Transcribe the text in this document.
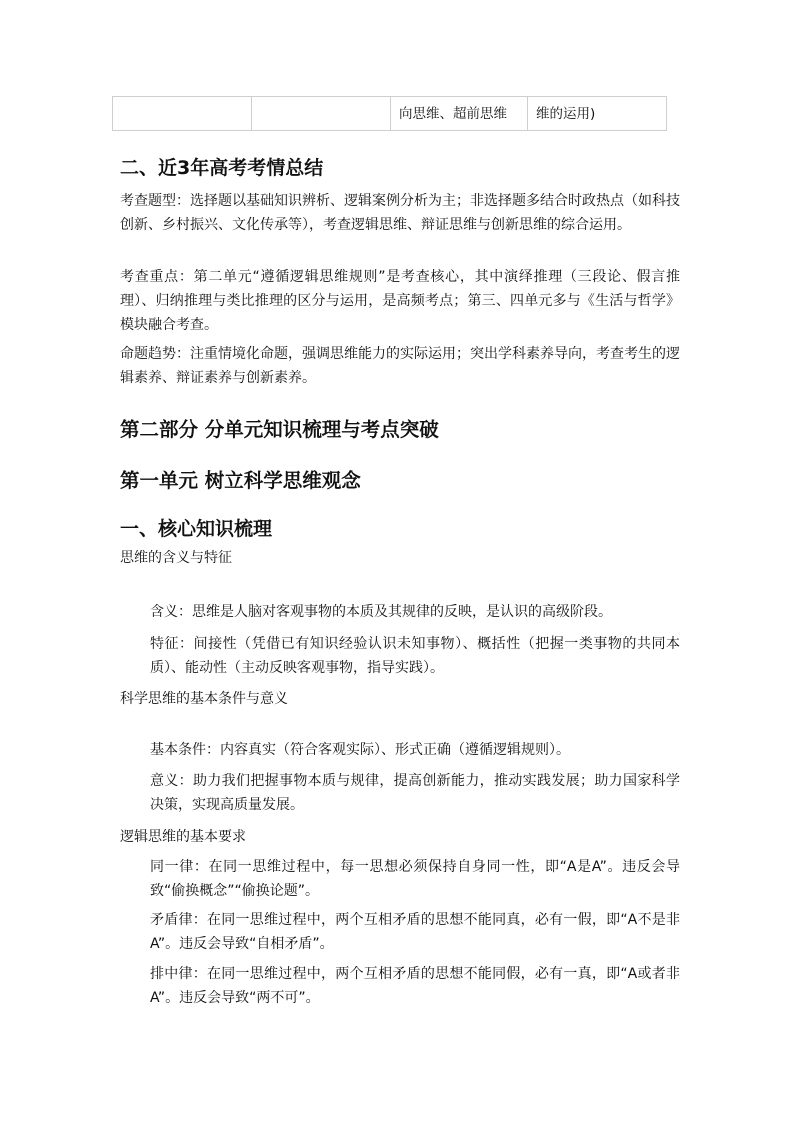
		向思维、超前思维	维的运用)
二、近3年高考考情总结
考查题型：选择题以基础知识辨析、逻辑案例分析为主；非选择题多结合时政热点（如科技创新、乡村振兴、文化传承等），考查逻辑思维、辩证思维与创新思维的综合运用。
考查重点：第二单元“遵循逻辑思维规则”是考查核心，其中演绎推理（三段论、假言推理）、归纳推理与类比推理的区分与运用，是高频考点；第三、四单元多与《生活与哲学》模块融合考查。
命题趋势：注重情境化命题，强调思维能力的实际运用；突出学科素养导向，考查考生的逻辑素养、辩证素养与创新素养。
第二部分 分单元知识梳理与考点突破
第一单元 树立科学思维观念
一、核心知识梳理
思维的含义与特征
含义：思维是人脑对客观事物的本质及其规律的反映，是认识的高级阶段。
特征：间接性（凭借已有知识经验认识未知事物）、概括性（把握一类事物的共同本质）、能动性（主动反映客观事物，指导实践）。
科学思维的基本条件与意义
基本条件：内容真实（符合客观实际）、形式正确（遵循逻辑规则）。
意义：助力我们把握事物本质与规律，提高创新能力，推动实践发展；助力国家科学决策，实现高质量发展。
逻辑思维的基本要求
同一律：在同一思维过程中，每一思想必须保持自身同一性，即“A是A”。违反会导致“偷换概念”“偷换论题”。
矛盾律：在同一思维过程中，两个互相矛盾的思想不能同真，必有一假，即“A不是非A”。违反会导致“自相矛盾”。
排中律：在同一思维过程中，两个互相矛盾的思想不能同假，必有一真，即“A或者非A”。违反会导致“两不可”。
